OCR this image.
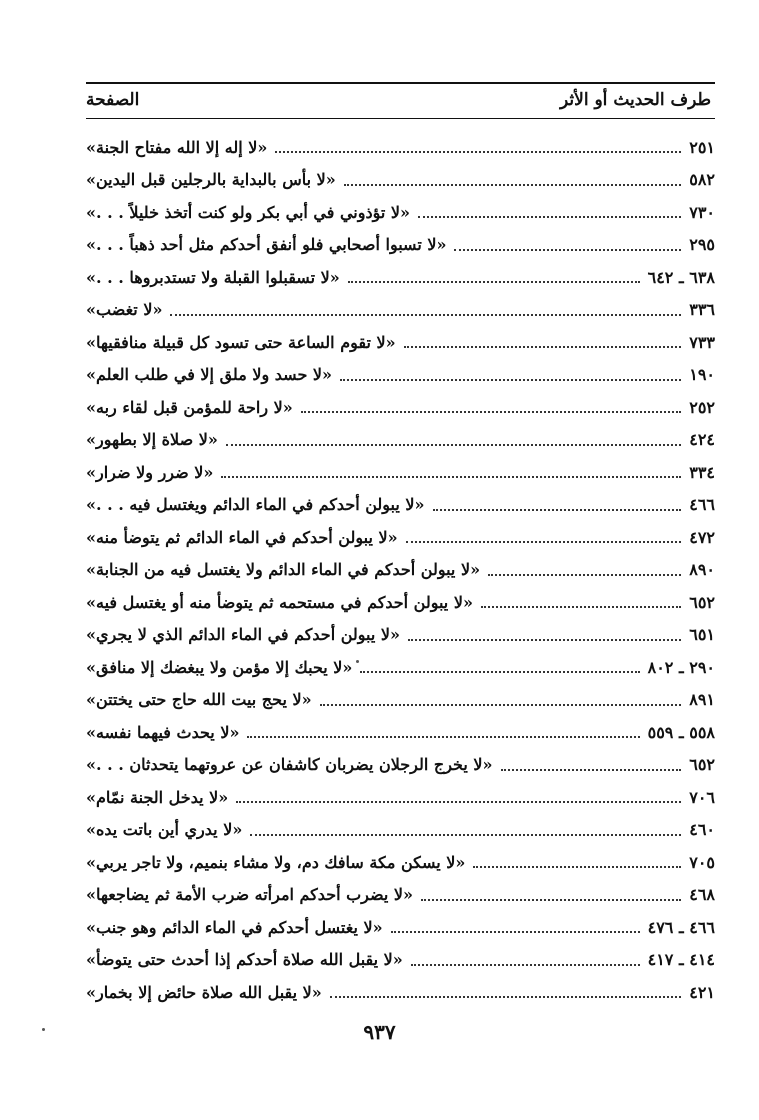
طرف الحديث أو الأثر
الصفحة
«لا إله إلا الله مفتاح الجنة»	٢٥١
«لا بأس بالبداية بالرجلين قبل اليدين»	٥٨٢
«لا تؤذوني في أبي بكر ولو كنت أتخذ خليلاً . . .»	٧٣٠
«لا تسبوا أصحابي فلو أنفق أحدكم مثل أحد ذهباً . . .»	٢٩٥
«لا تسقبلوا القبلة ولا تستدبروها . . .»	٦٣٨ ـ ٦٤٢
«لا تغضب»	٣٣٦
«لا تقوم الساعة حتى تسود كل قبيلة منافقيها»	٧٣٣
«لا حسد ولا ملق إلا في طلب العلم»	١٩٠
«لا راحة للمؤمن قبل لقاء ربه»	٢٥٢
«لا صلاة إلا بطهور»	٤٢٤
«لا ضرر ولا ضرار»	٣٣٤
«لا يبولن أحدكم في الماء الدائم ويغتسل فيه . . .»	٤٦٦
«لا يبولن أحدكم في الماء الدائم ثم يتوضأ منه»	٤٧٢
«لا يبولن أحدكم في الماء الدائم ولا يغتسل فيه من الجنابة»	٨٩٠
«لا يبولن أحدكم في مستحمه ثم يتوضأ منه أو يغتسل فيه»	٦٥٢
«لا يبولن أحدكم في الماء الدائم الذي لا يجري»	٦٥١
«لا يحبك إلا مؤمن ولا يبغضك إلا منافق»	٢٩٠ ـ ٨٠٢
«لا يحج بيت الله حاج حتى يختتن»	٨٩١
«لا يحدث فيهما نفسه»	٥٥٨ ـ ٥٥٩
«لا يخرج الرجلان يضربان كاشفان عن عروتهما يتحدثان . . .»	٦٥٢
«لا يدخل الجنة نمّام»	٧٠٦
«لا يدري أين باتت يده»	٤٦٠
«لا يسكن مكة سافك دم، ولا مشاء بنميم، ولا تاجر يربي»	٧٠٥
«لا يضرب أحدكم امرأته ضرب الأمة ثم يضاجعها»	٤٦٨
«لا يغتسل أحدكم في الماء الدائم وهو جنب»	٤٦٦ ـ ٤٧٦
«لا يقبل الله صلاة أحدكم إذا أحدث حتى يتوضأ»	٤١٤ ـ ٤١٧
«لا يقبل الله صلاة حائض إلا بخمار»	٤٢١
٩٣٧
